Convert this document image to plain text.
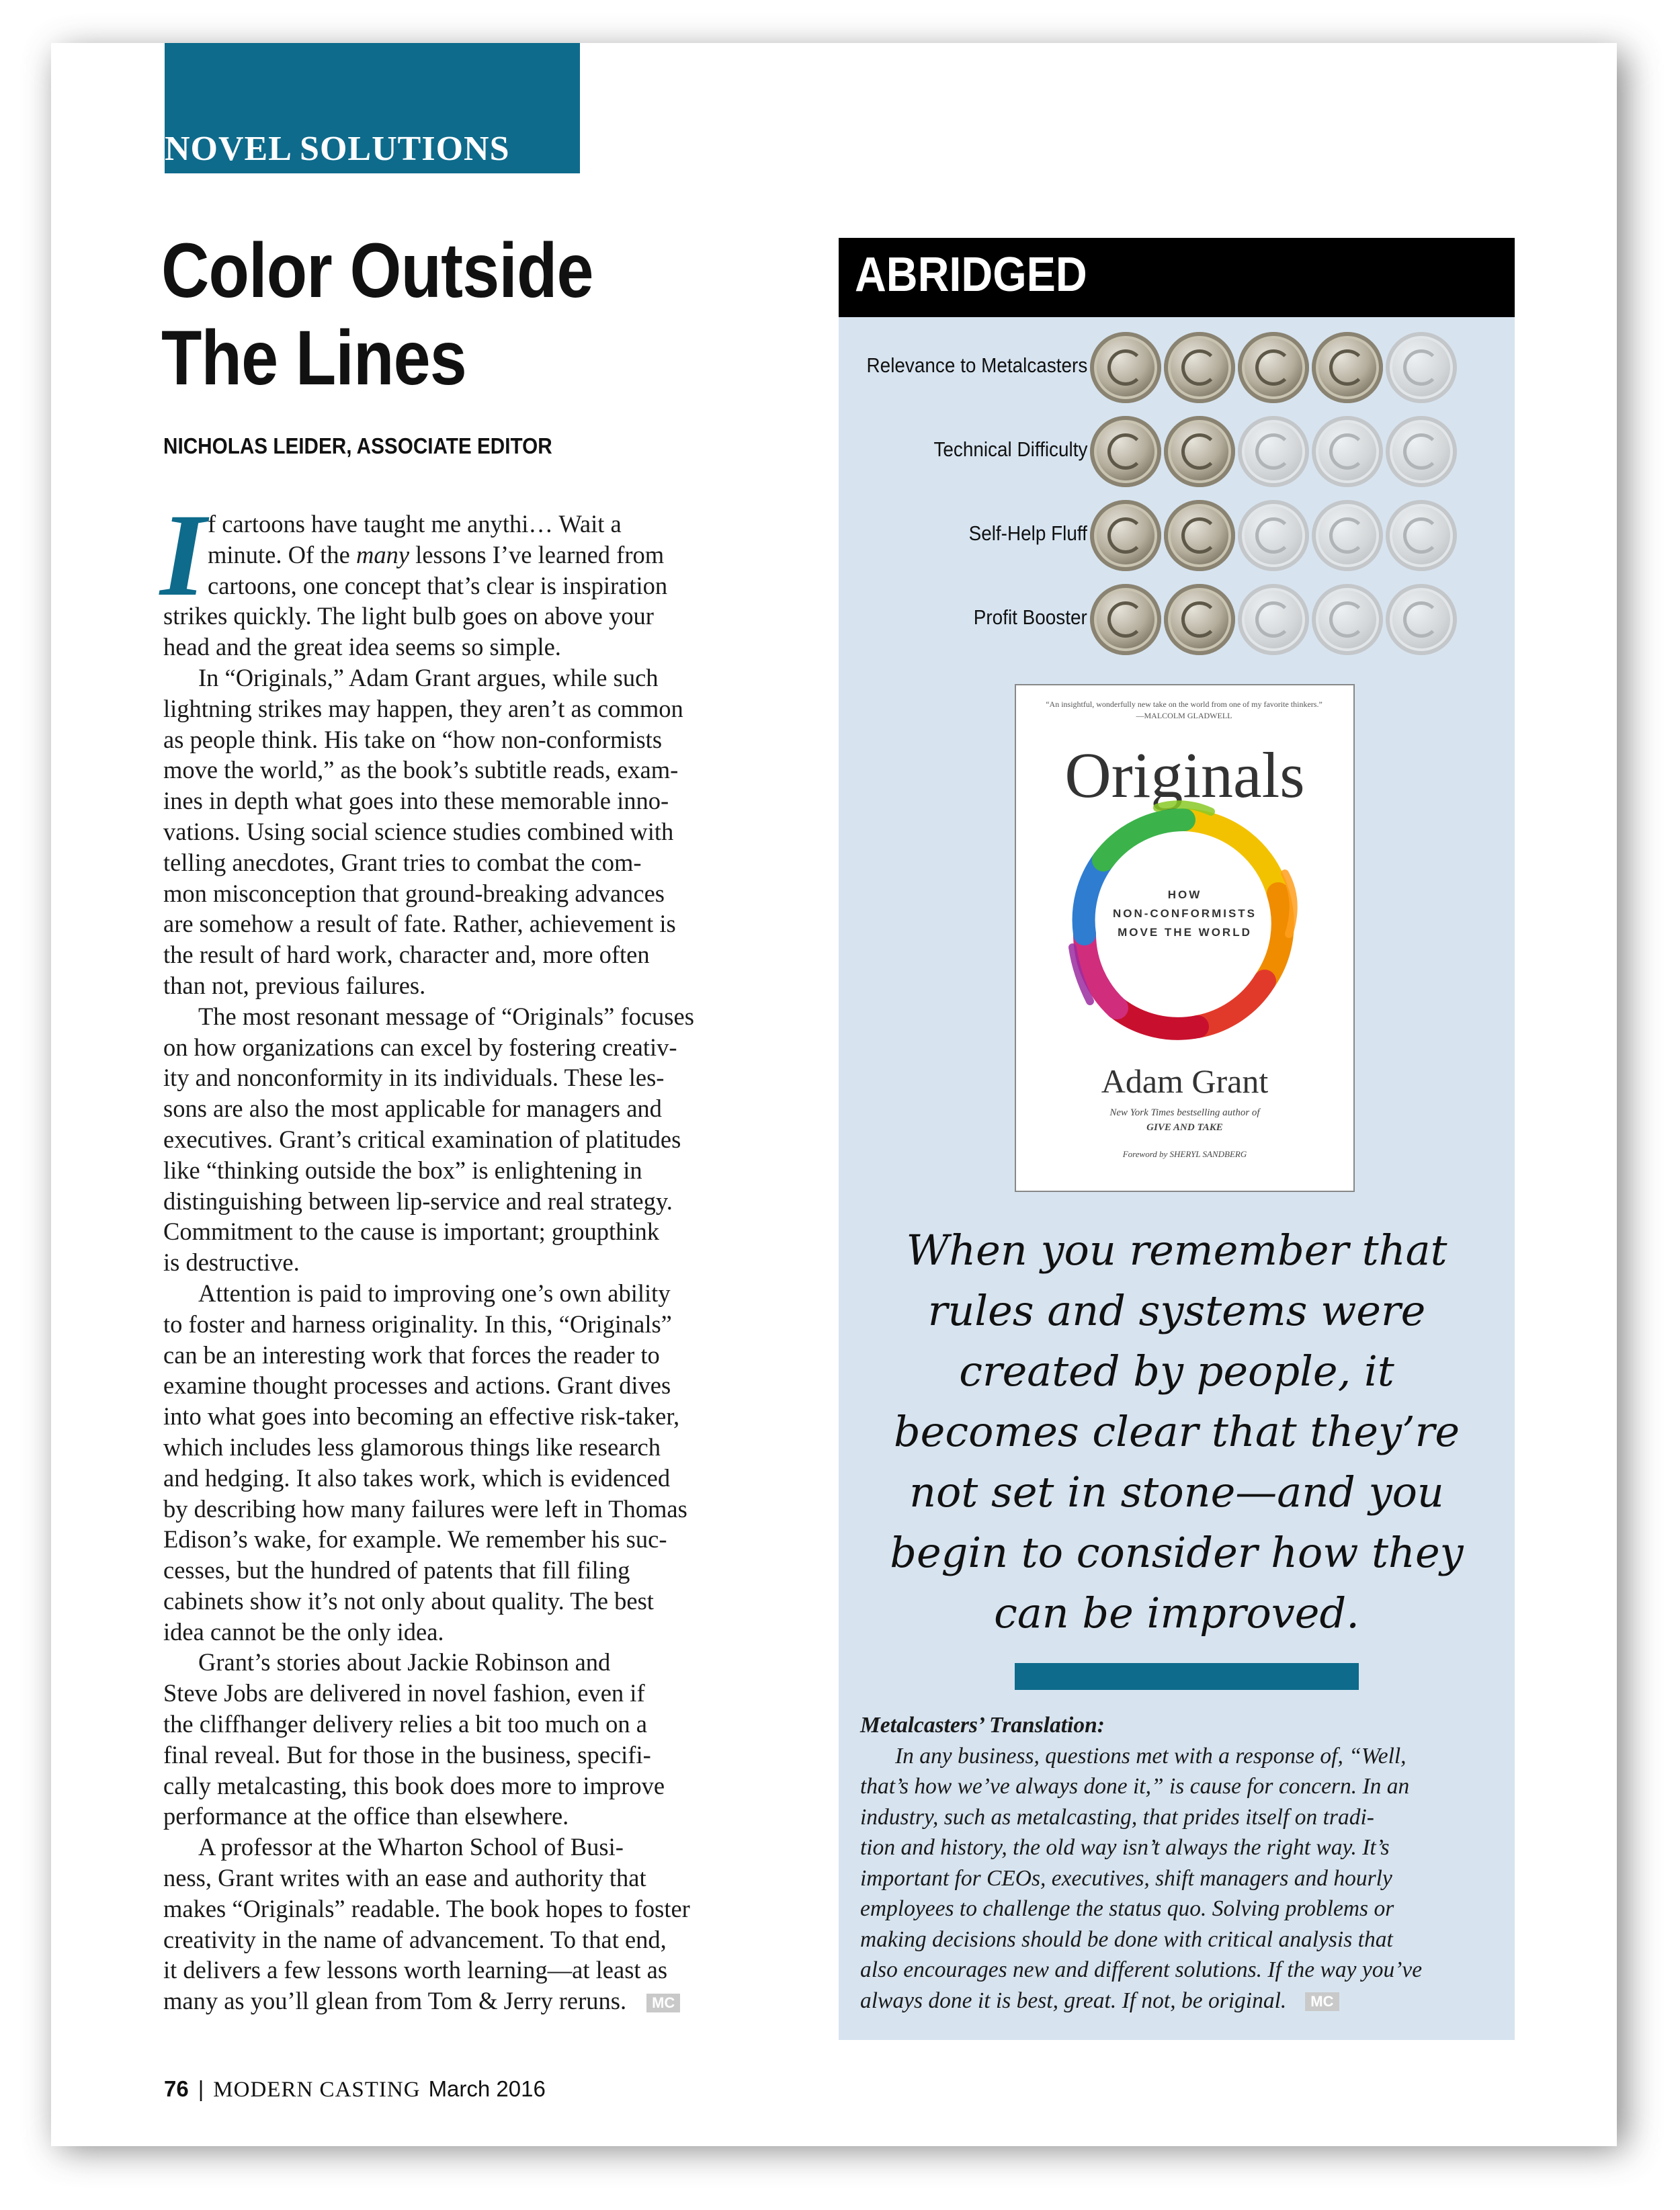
NOVEL SOLUTIONS
Color Outside
The Lines
NICHOLAS LEIDER, ASSOCIATE EDITOR
I f cartoons have taught me anythi… Wait a
minute. Of the many lessons I’ve learned from
cartoons, one concept that’s clear is inspiration
strikes quickly. The light bulb goes on above your
head and the great idea seems so simple.
In “Originals,” Adam Grant argues, while such
lightning strikes may happen, they aren’t as common
as people think. His take on “how non-conformists
move the world,” as the book’s subtitle reads, exam-
ines in depth what goes into these memorable inno-
vations. Using social science studies combined with
telling anecdotes, Grant tries to combat the com-
mon misconception that ground-breaking advances
are somehow a result of fate. Rather, achievement is
the result of hard work, character and, more often
than not, previous failures.
The most resonant message of “Originals” focuses
on how organizations can excel by fostering creativ-
ity and nonconformity in its individuals. These les-
sons are also the most applicable for managers and
executives. Grant’s critical examination of platitudes
like “thinking outside the box” is enlightening in
distinguishing between lip-service and real strategy.
Commitment to the cause is important; groupthink
is destructive.
Attention is paid to improving one’s own ability
to foster and harness originality. In this, “Originals”
can be an interesting work that forces the reader to
examine thought processes and actions. Grant dives
into what goes into becoming an effective risk-taker,
which includes less glamorous things like research
and hedging. It also takes work, which is evidenced
by describing how many failures were left in Thomas
Edison’s wake, for example. We remember his suc-
cesses, but the hundred of patents that fill filing
cabinets show it’s not only about quality. The best
idea cannot be the only idea.
Grant’s stories about Jackie Robinson and
Steve Jobs are delivered in novel fashion, even if
the cliffhanger delivery relies a bit too much on a
final reveal. But for those in the business, specifi-
cally metalcasting, this book does more to improve
performance at the office than elsewhere.
A professor at the Wharton School of Busi-
ness, Grant writes with an ease and authority that
makes “Originals” readable. The book hopes to foster
creativity in the name of advancement. To that end,
it delivers a few lessons worth learning—at least as
many as you’ll glean from Tom & Jerry reruns. MC
ABRIDGED
Relevance to Metalcasters
Technical Difficulty
Self-Help Fluff
Profit Booster
“An insightful, wonderfully new take on the world from one of my favorite thinkers.” —MALCOLM GLADWELL
Originals
HOW
NON-CONFORMISTS
MOVE THE WORLD
Adam Grant
New York Times bestselling author of
GIVE AND TAKE
Foreword by SHERYL SANDBERG
When you remember that
rules and systems were
created by people, it
becomes clear that they’re
not set in stone—and you
begin to consider how they
can be improved.
Metalcasters’ Translation:
In any business, questions met with a response of, “Well,
that’s how we’ve always done it,” is cause for concern. In an
industry, such as metalcasting, that prides itself on tradi-
tion and history, the old way isn’t always the right way. It’s
important for CEOs, executives, shift managers and hourly
employees to challenge the status quo. Solving problems or
making decisions should be done with critical analysis that
also encourages new and different solutions. If the way you’ve
always done it is best, great. If not, be original. MC
76 | MODERN CASTING March 2016
